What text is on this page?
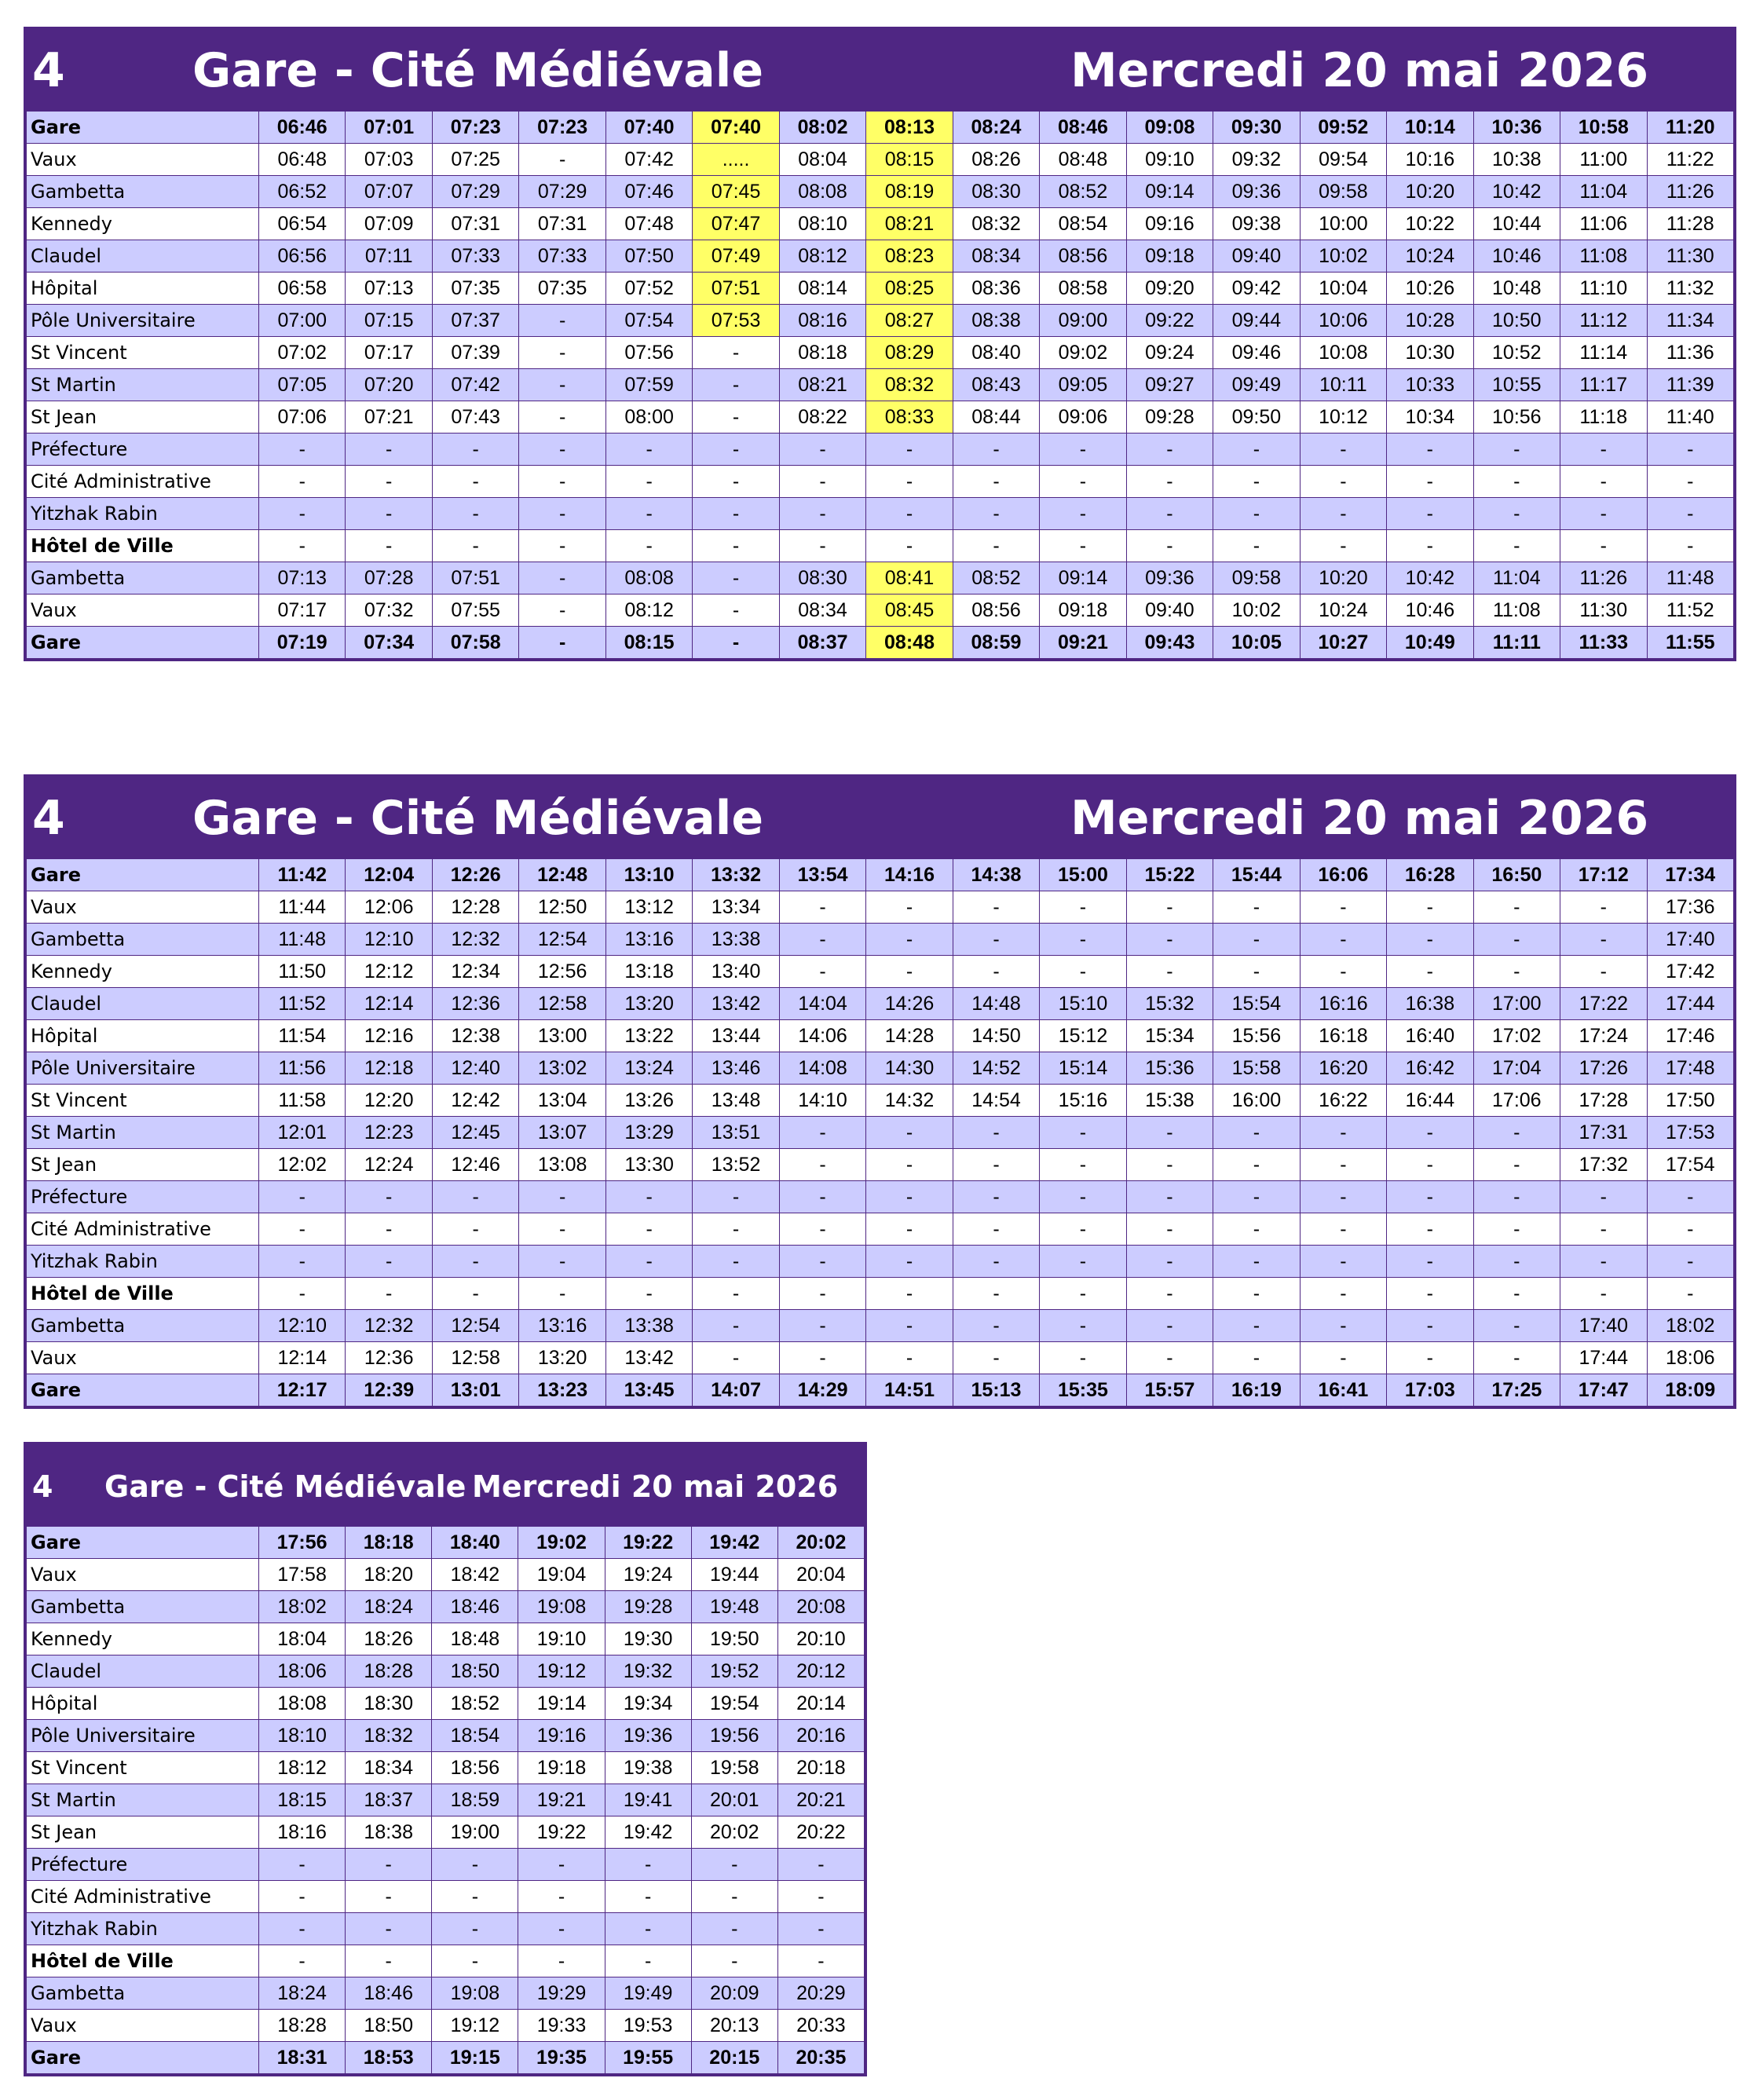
4	Gare - Cité Médiévale	Mercredi 20 mai 2026
Gare	06:46	07:01	07:23	07:23	07:40	07:40	08:02	08:13	08:24	08:46	09:08	09:30	09:52	10:14	10:36	10:58	11:20
Vaux	06:48	07:03	07:25	-	07:42	.....	08:04	08:15	08:26	08:48	09:10	09:32	09:54	10:16	10:38	11:00	11:22
Gambetta	06:52	07:07	07:29	07:29	07:46	07:45	08:08	08:19	08:30	08:52	09:14	09:36	09:58	10:20	10:42	11:04	11:26
Kennedy	06:54	07:09	07:31	07:31	07:48	07:47	08:10	08:21	08:32	08:54	09:16	09:38	10:00	10:22	10:44	11:06	11:28
Claudel	06:56	07:11	07:33	07:33	07:50	07:49	08:12	08:23	08:34	08:56	09:18	09:40	10:02	10:24	10:46	11:08	11:30
Hôpital	06:58	07:13	07:35	07:35	07:52	07:51	08:14	08:25	08:36	08:58	09:20	09:42	10:04	10:26	10:48	11:10	11:32
Pôle Universitaire	07:00	07:15	07:37	-	07:54	07:53	08:16	08:27	08:38	09:00	09:22	09:44	10:06	10:28	10:50	11:12	11:34
St Vincent	07:02	07:17	07:39	-	07:56	-	08:18	08:29	08:40	09:02	09:24	09:46	10:08	10:30	10:52	11:14	11:36
St Martin	07:05	07:20	07:42	-	07:59	-	08:21	08:32	08:43	09:05	09:27	09:49	10:11	10:33	10:55	11:17	11:39
St Jean	07:06	07:21	07:43	-	08:00	-	08:22	08:33	08:44	09:06	09:28	09:50	10:12	10:34	10:56	11:18	11:40
Préfecture	-	-	-	-	-	-	-	-	-	-	-	-	-	-	-	-	-
Cité Administrative	-	-	-	-	-	-	-	-	-	-	-	-	-	-	-	-	-
Yitzhak Rabin	-	-	-	-	-	-	-	-	-	-	-	-	-	-	-	-	-
Hôtel de Ville	-	-	-	-	-	-	-	-	-	-	-	-	-	-	-	-	-
Gambetta	07:13	07:28	07:51	-	08:08	-	08:30	08:41	08:52	09:14	09:36	09:58	10:20	10:42	11:04	11:26	11:48
Vaux	07:17	07:32	07:55	-	08:12	-	08:34	08:45	08:56	09:18	09:40	10:02	10:24	10:46	11:08	11:30	11:52
Gare	07:19	07:34	07:58	-	08:15	-	08:37	08:48	08:59	09:21	09:43	10:05	10:27	10:49	11:11	11:33	11:55
4	Gare - Cité Médiévale	Mercredi 20 mai 2026
Gare	11:42	12:04	12:26	12:48	13:10	13:32	13:54	14:16	14:38	15:00	15:22	15:44	16:06	16:28	16:50	17:12	17:34
Vaux	11:44	12:06	12:28	12:50	13:12	13:34	-	-	-	-	-	-	-	-	-	-	17:36
Gambetta	11:48	12:10	12:32	12:54	13:16	13:38	-	-	-	-	-	-	-	-	-	-	17:40
Kennedy	11:50	12:12	12:34	12:56	13:18	13:40	-	-	-	-	-	-	-	-	-	-	17:42
Claudel	11:52	12:14	12:36	12:58	13:20	13:42	14:04	14:26	14:48	15:10	15:32	15:54	16:16	16:38	17:00	17:22	17:44
Hôpital	11:54	12:16	12:38	13:00	13:22	13:44	14:06	14:28	14:50	15:12	15:34	15:56	16:18	16:40	17:02	17:24	17:46
Pôle Universitaire	11:56	12:18	12:40	13:02	13:24	13:46	14:08	14:30	14:52	15:14	15:36	15:58	16:20	16:42	17:04	17:26	17:48
St Vincent	11:58	12:20	12:42	13:04	13:26	13:48	14:10	14:32	14:54	15:16	15:38	16:00	16:22	16:44	17:06	17:28	17:50
St Martin	12:01	12:23	12:45	13:07	13:29	13:51	-	-	-	-	-	-	-	-	-	17:31	17:53
St Jean	12:02	12:24	12:46	13:08	13:30	13:52	-	-	-	-	-	-	-	-	-	17:32	17:54
Préfecture	-	-	-	-	-	-	-	-	-	-	-	-	-	-	-	-	-
Cité Administrative	-	-	-	-	-	-	-	-	-	-	-	-	-	-	-	-	-
Yitzhak Rabin	-	-	-	-	-	-	-	-	-	-	-	-	-	-	-	-	-
Hôtel de Ville	-	-	-	-	-	-	-	-	-	-	-	-	-	-	-	-	-
Gambetta	12:10	12:32	12:54	13:16	13:38	-	-	-	-	-	-	-	-	-	-	17:40	18:02
Vaux	12:14	12:36	12:58	13:20	13:42	-	-	-	-	-	-	-	-	-	-	17:44	18:06
Gare	12:17	12:39	13:01	13:23	13:45	14:07	14:29	14:51	15:13	15:35	15:57	16:19	16:41	17:03	17:25	17:47	18:09
4 Gare - Cité Médiévale Mercredi 20 mai 2026
Gare	17:56	18:18	18:40	19:02	19:22	19:42	20:02
Vaux	17:58	18:20	18:42	19:04	19:24	19:44	20:04
Gambetta	18:02	18:24	18:46	19:08	19:28	19:48	20:08
Kennedy	18:04	18:26	18:48	19:10	19:30	19:50	20:10
Claudel	18:06	18:28	18:50	19:12	19:32	19:52	20:12
Hôpital	18:08	18:30	18:52	19:14	19:34	19:54	20:14
Pôle Universitaire	18:10	18:32	18:54	19:16	19:36	19:56	20:16
St Vincent	18:12	18:34	18:56	19:18	19:38	19:58	20:18
St Martin	18:15	18:37	18:59	19:21	19:41	20:01	20:21
St Jean	18:16	18:38	19:00	19:22	19:42	20:02	20:22
Préfecture	-	-	-	-	-	-	-
Cité Administrative	-	-	-	-	-	-	-
Yitzhak Rabin	-	-	-	-	-	-	-
Hôtel de Ville	-	-	-	-	-	-	-
Gambetta	18:24	18:46	19:08	19:29	19:49	20:09	20:29
Vaux	18:28	18:50	19:12	19:33	19:53	20:13	20:33
Gare	18:31	18:53	19:15	19:35	19:55	20:15	20:35
